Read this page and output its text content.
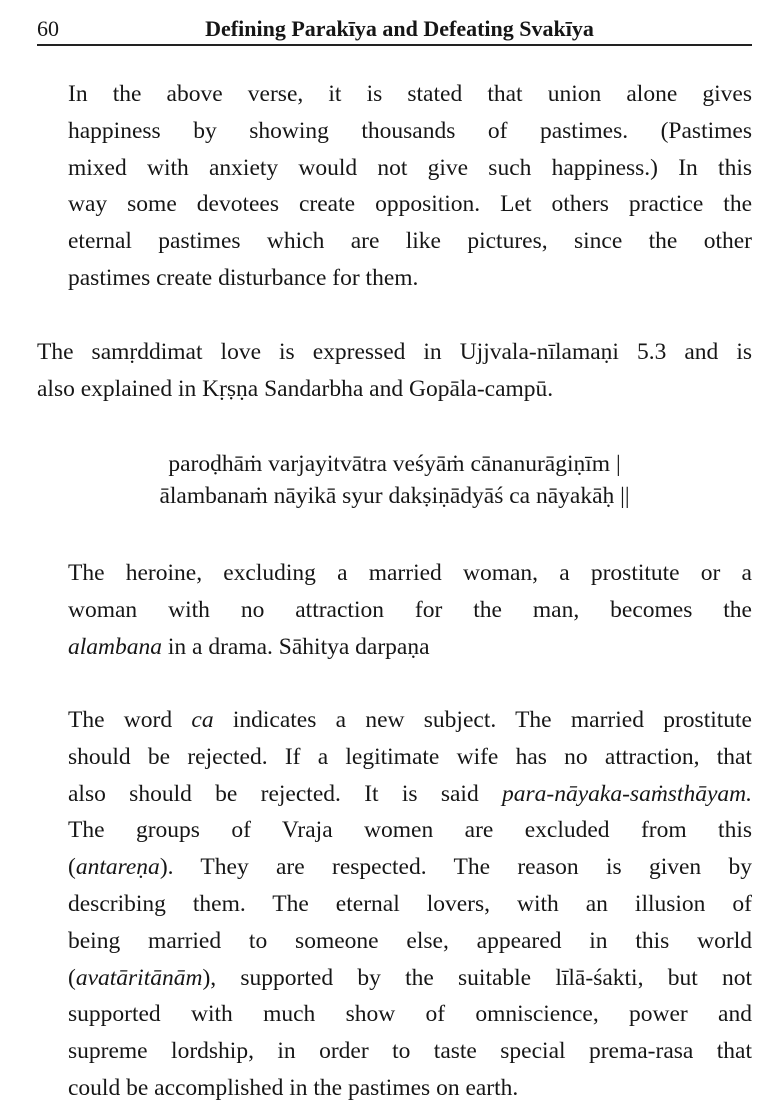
60	Defining Parakīya and Defeating Svakīya
In the above verse, it is stated that union alone gives
happiness by showing thousands of pastimes. (Pastimes
mixed with anxiety would not give such happiness.) In this
way some devotees create opposition. Let others practice the
eternal pastimes which are like pictures, since the other
pastimes create disturbance for them.
The samṛddimat love is expressed in Ujjvala-nīlamaṇi 5.3 and is
also explained in Kṛṣṇa Sandarbha and Gopāla-campū.
paroḍhāṁ varjayitvātra veśyāṁ cānanurāgiṇīm |
ālambanaṁ nāyikā syur dakṣiṇādyāś ca nāyakāḥ ||
The heroine, excluding a married woman, a prostitute or a
woman with no attraction for the man, becomes the
alambana in a drama. Sāhitya darpaṇa
The word ca indicates a new subject. The married prostitute
should be rejected. If a legitimate wife has no attraction, that
also should be rejected. It is said para-nāyaka-saṁsthāyam.
The groups of Vraja women are excluded from this
(antareṇa). They are respected. The reason is given by
describing them. The eternal lovers, with an illusion of
being married to someone else, appeared in this world
(avatāritānām), supported by the suitable līlā-śakti, but not
supported with much show of omniscience, power and
supreme lordship, in order to taste special prema-rasa that
could be accomplished in the pastimes on earth.
